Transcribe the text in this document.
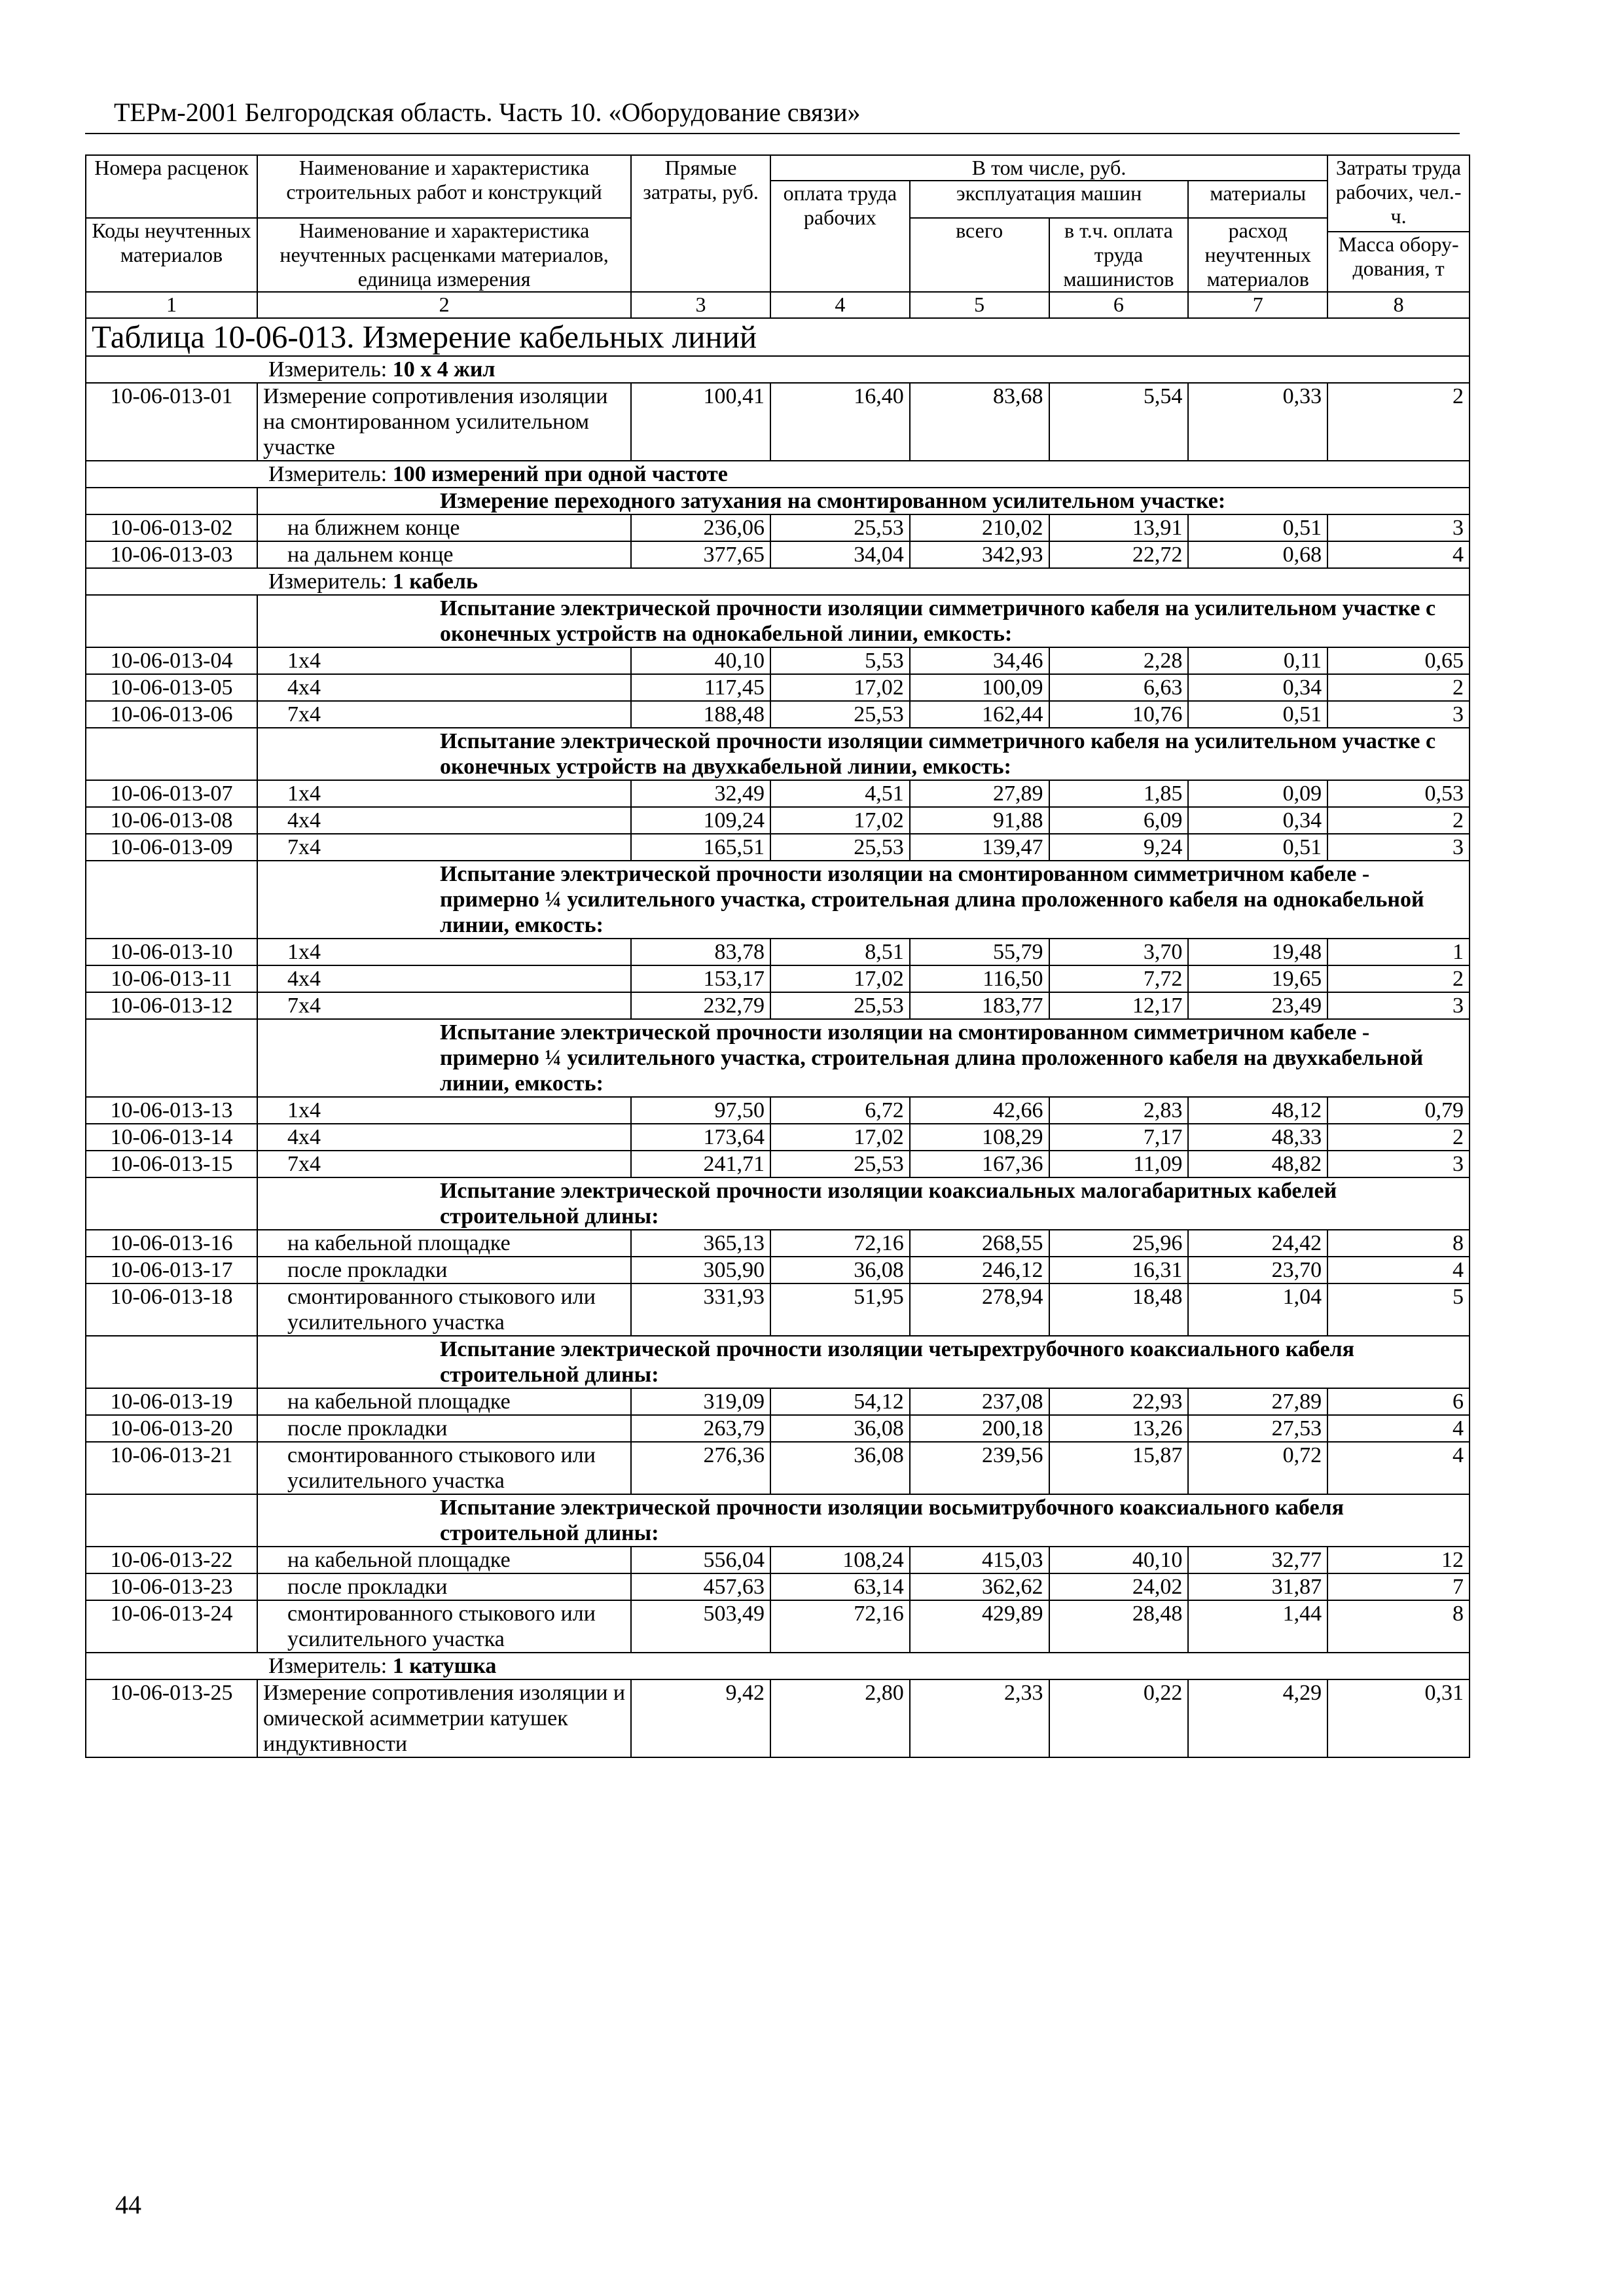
ТЕРм-2001 Белгородская область. Часть 10. «Оборудование связи»
Номера расценок	Наименование и характеристика строительных работ и конструкций	Прямые затраты, руб.	В том числе, руб.				Затраты труда рабочих, чел.-ч.
			оплата труда рабочих	эксплуатация машин		материалы	
Коды неучтенных материалов	Наименование и характеристика неучтенных расценками материалов, единица измерения			всего	в т.ч. оплата труда машинистов	расход неучтенных материалов	
							Масса обору-дования, т
1	2	3	4	5	6	7	8
Таблица 10-06-013. Измерение кабельных линий							
Измеритель: 10 х 4 жил							
10-06-013-01	Измерение сопротивления изоляции на смонтированном усилительном участке	100,41	16,40	83,68	5,54	0,33	2
Измеритель: 100 измерений при одной частоте							
	Измерение переходного затухания на смонтированном усилительном участке:						
10-06-013-02	на ближнем конце	236,06	25,53	210,02	13,91	0,51	3
10-06-013-03	на дальнем конце	377,65	34,04	342,93	22,72	0,68	4
Измеритель: 1 кабель							
	Испытание электрической прочности изоляции симметричного кабеля на усилительном участке с оконечных устройств на однокабельной линии, емкость:						
10-06-013-04	1х4	40,10	5,53	34,46	2,28	0,11	0,65
10-06-013-05	4х4	117,45	17,02	100,09	6,63	0,34	2
10-06-013-06	7х4	188,48	25,53	162,44	10,76	0,51	3
	Испытание электрической прочности изоляции симметричного кабеля на усилительном участке с оконечных устройств на двухкабельной линии, емкость:						
10-06-013-07	1х4	32,49	4,51	27,89	1,85	0,09	0,53
10-06-013-08	4х4	109,24	17,02	91,88	6,09	0,34	2
10-06-013-09	7х4	165,51	25,53	139,47	9,24	0,51	3
	Испытание электрической прочности изоляции на смонтированном симметричном кабеле - примерно ¼ усилительного участка, строительная длина проложенного кабеля на однокабельной линии, емкость:						
10-06-013-10	1х4	83,78	8,51	55,79	3,70	19,48	1
10-06-013-11	4х4	153,17	17,02	116,50	7,72	19,65	2
10-06-013-12	7х4	232,79	25,53	183,77	12,17	23,49	3
	Испытание электрической прочности изоляции на смонтированном симметричном кабеле - примерно ¼ усилительного участка, строительная длина проложенного кабеля на двухкабельной линии, емкость:						
10-06-013-13	1х4	97,50	6,72	42,66	2,83	48,12	0,79
10-06-013-14	4х4	173,64	17,02	108,29	7,17	48,33	2
10-06-013-15	7х4	241,71	25,53	167,36	11,09	48,82	3
	Испытание электрической прочности изоляции коаксиальных малогабаритных кабелей строительной длины:						
10-06-013-16	на кабельной площадке	365,13	72,16	268,55	25,96	24,42	8
10-06-013-17	после прокладки	305,90	36,08	246,12	16,31	23,70	4
10-06-013-18	смонтированного стыкового или усилительного участка	331,93	51,95	278,94	18,48	1,04	5
	Испытание электрической прочности изоляции четырехтрубочного коаксиального кабеля строительной длины:						
10-06-013-19	на кабельной площадке	319,09	54,12	237,08	22,93	27,89	6
10-06-013-20	после прокладки	263,79	36,08	200,18	13,26	27,53	4
10-06-013-21	смонтированного стыкового или усилительного участка	276,36	36,08	239,56	15,87	0,72	4
	Испытание электрической прочности изоляции восьмитрубочного коаксиального кабеля строительной длины:						
10-06-013-22	на кабельной площадке	556,04	108,24	415,03	40,10	32,77	12
10-06-013-23	после прокладки	457,63	63,14	362,62	24,02	31,87	7
10-06-013-24	смонтированного стыкового или усилительного участка	503,49	72,16	429,89	28,48	1,44	8
Измеритель: 1 катушка							
10-06-013-25	Измерение сопротивления изоляции и омической асимметрии катушек индуктивности	9,42	2,80	2,33	0,22	4,29	0,31
44
